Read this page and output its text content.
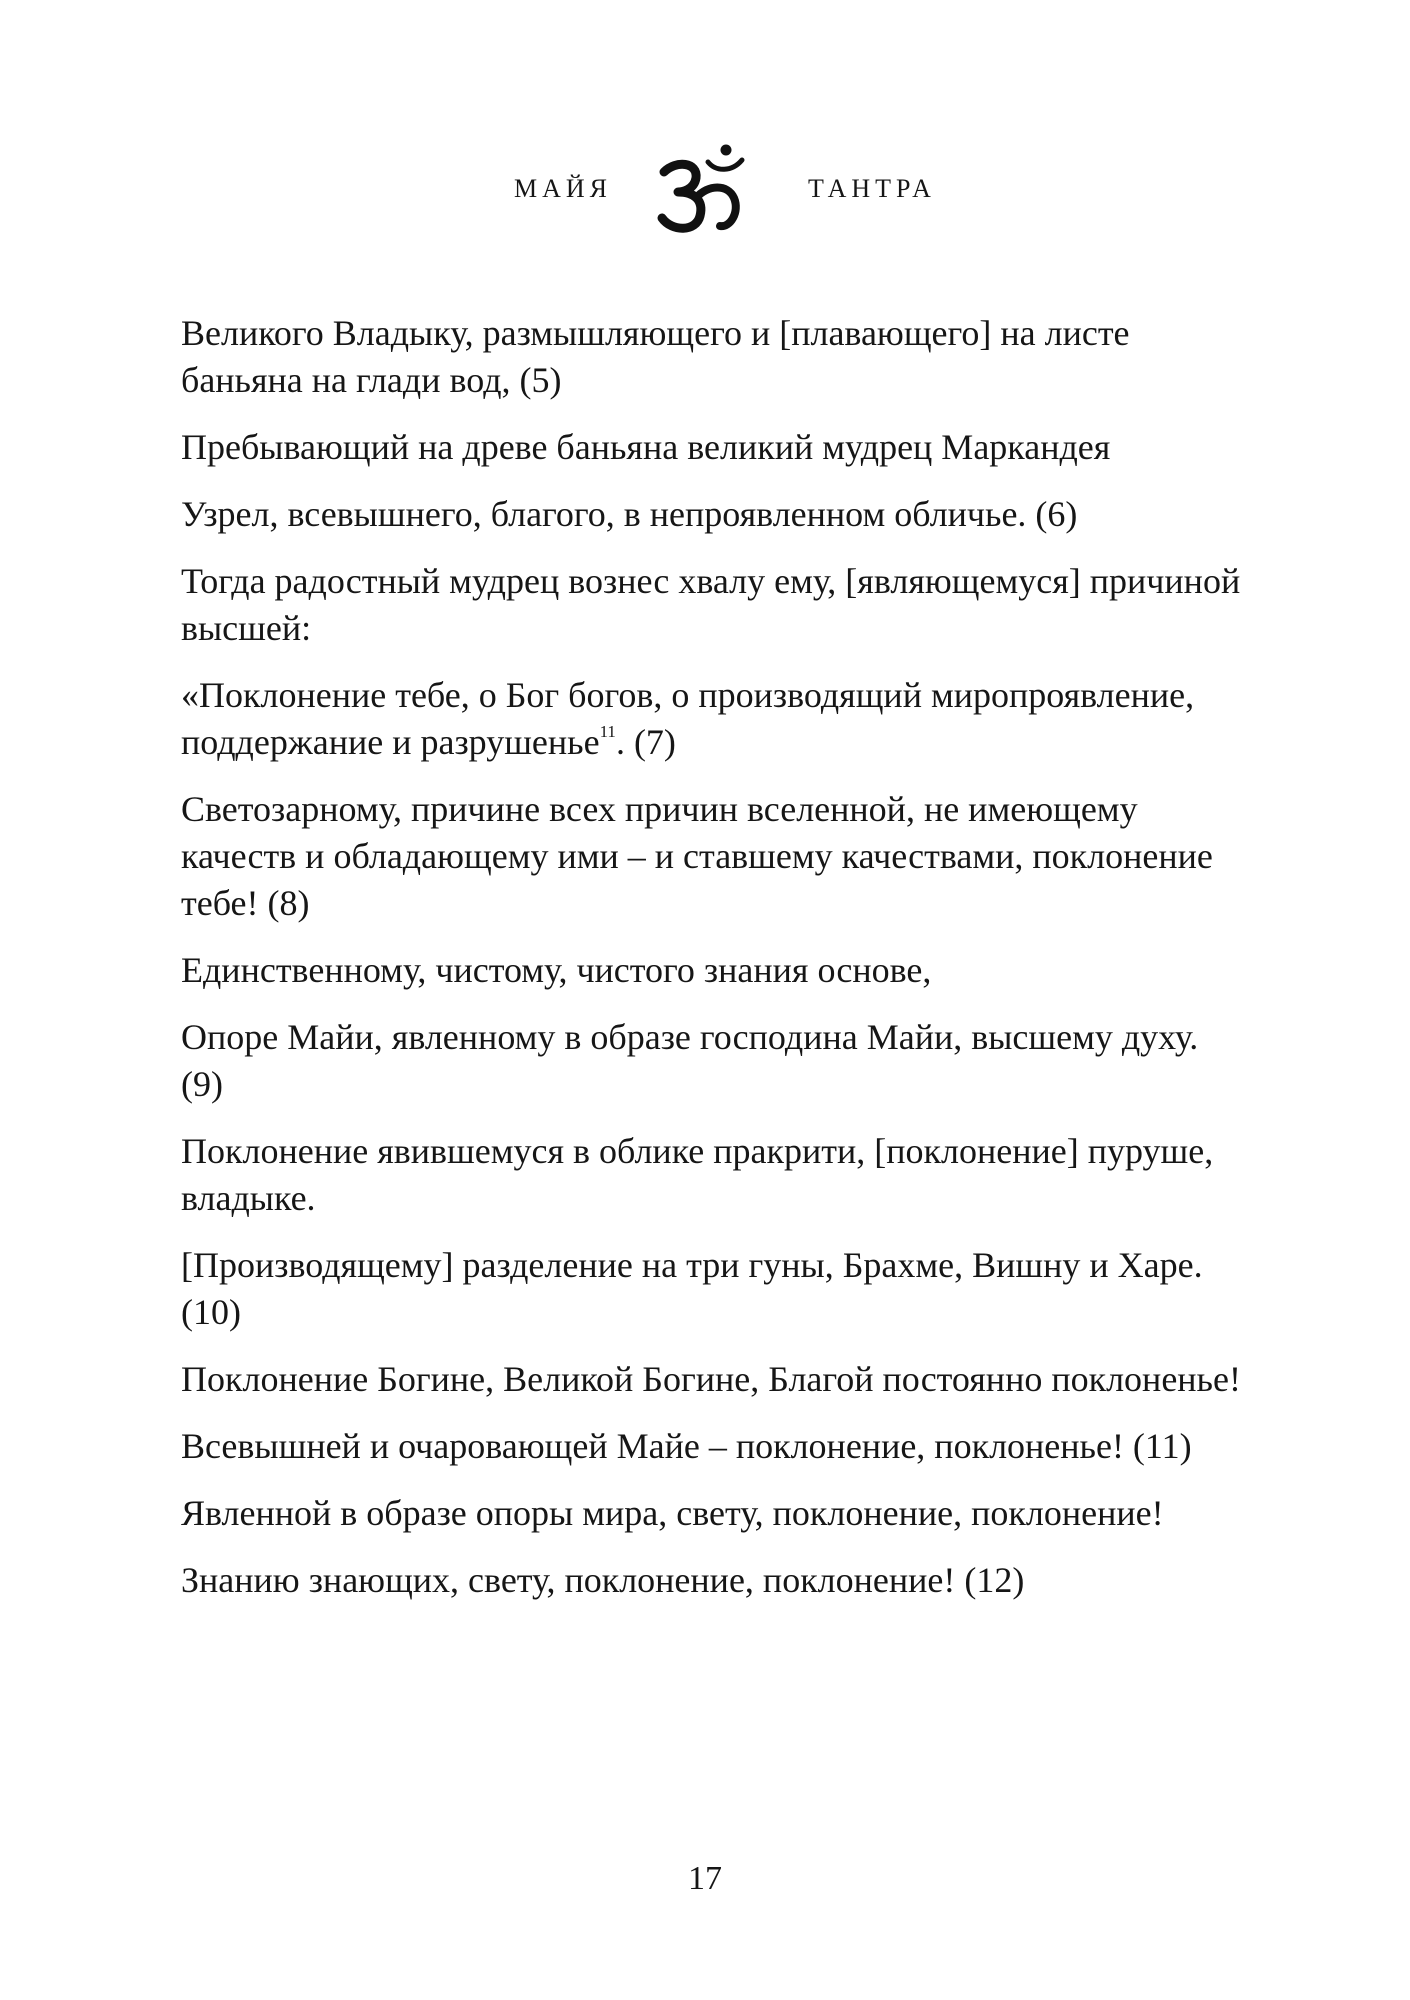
МАЙЯ	ТАНТРА

Великого Владыку, размышляющего и [плавающего] на листе баньяна на глади вод, (5)

Пребывающий на древе баньяна великий мудрец Маркандея

Узрел, всевышнего, благого, в непроявленном обличье. (6)

Тогда радостный мудрец вознес хвалу ему, [являющемуся] причиной высшей:

«Поклонение тебе, о Бог богов, о производящий миропроявление, поддержание и разрушенье$^{11}$. (7)

Светозарному, причине всех причин вселенной, не имеющему качеств и обладающему ими – и ставшему качествами, поклонение тебе! (8)

Единственному, чистому, чистого знания основе,

Опоре Майи, явленному в образе господина Майи, высшему духу. (9)

Поклонение явившемуся в облике пракрити, [поклонение] пуруше, владыке.

[Производящему] разделение на три гуны, Брахме, Вишну и Харе. (10)

Поклонение Богине, Великой Богине, Благой постоянно поклоненье!

Всевышней и очаровающей Майе – поклонение, поклоненье! (11)

Явленной в образе опоры мира, свету, поклонение, поклонение!

Знанию знающих, свету, поклонение, поклонение! (12)

17
